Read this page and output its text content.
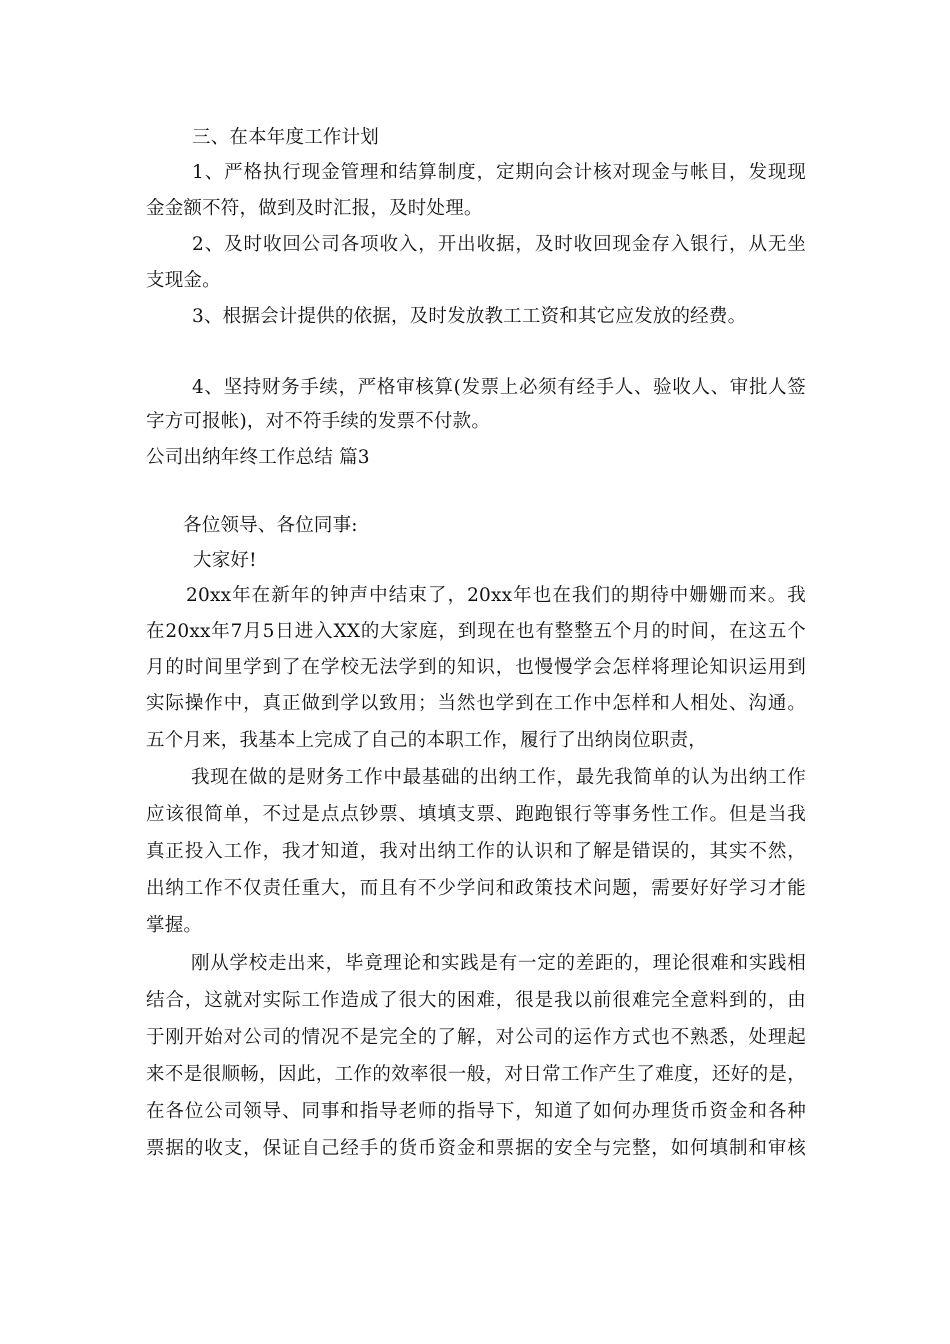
三、在本年度工作计划
1、严格执行现金管理和结算制度，定期向会计核对现金与帐目，发现现
金金额不符，做到及时汇报，及时处理。
2、及时收回公司各项收入，开出收据，及时收回现金存入银行，从无坐
支现金。
3、根据会计提供的依据，及时发放教工工资和其它应发放的经费。
4、坚持财务手续，严格审核算(发票上必须有经手人、验收人、审批人签
字方可报帐)，对不符手续的发票不付款。
公司出纳年终工作总结 篇3
各位领导、各位同事:
大家好!
20xx年在新年的钟声中结束了，20xx年也在我们的期待中姗姗而来。我
在20xx年7月5日进入XX的大家庭，到现在也有整整五个月的时间，在这五个
月的时间里学到了在学校无法学到的知识，也慢慢学会怎样将理论知识运用到
实际操作中，真正做到学以致用；当然也学到在工作中怎样和人相处、沟通。
五个月来，我基本上完成了自己的本职工作，履行了出纳岗位职责，
我现在做的是财务工作中最基础的出纳工作，最先我简单的认为出纳工作
应该很简单，不过是点点钞票、填填支票、跑跑银行等事务性工作。但是当我
真正投入工作，我才知道，我对出纳工作的认识和了解是错误的，其实不然，
出纳工作不仅责任重大，而且有不少学问和政策技术问题，需要好好学习才能
掌握。
刚从学校走出来，毕竟理论和实践是有一定的差距的，理论很难和实践相
结合，这就对实际工作造成了很大的困难，很是我以前很难完全意料到的，由
于刚开始对公司的情况不是完全的了解，对公司的运作方式也不熟悉，处理起
来不是很顺畅，因此，工作的效率很一般，对日常工作产生了难度，还好的是，
在各位公司领导、同事和指导老师的指导下，知道了如何办理货币资金和各种
票据的收支，保证自己经手的货币资金和票据的安全与完整，如何填制和审核
